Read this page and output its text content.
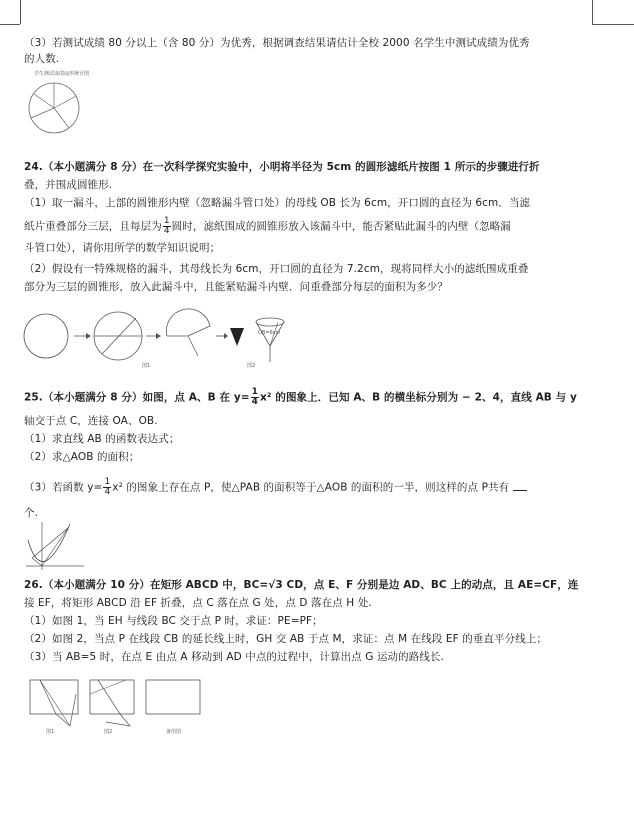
（3）若测试成绩 80 分以上（含 80 分）为优秀，根据调查结果请估计全校 2000 名学生中测试成绩为优秀
的人数.
学生测试成绩扇形统计图
24.（本小题满分 8 分）在一次科学探究实验中，小明将半径为 5cm 的圆形滤纸片按图 1 所示的步骤进行折
叠，并围成圆锥形.
（1）取一漏斗，上部的圆锥形内壁（忽略漏斗管口处）的母线 OB 长为 6cm，开口圆的直径为 6cm．当滤
纸片重叠部分三层，且每层为 $\frac{1}{4}$ 圆时，滤纸围成的圆锥形放入该漏斗中，能否紧贴此漏斗的内壁（忽略漏
斗管口处），请你用所学的数学知识说明；
（2）假设有一特殊规格的漏斗，其母线长为 6cm，开口圆的直径为 7.2cm，现将同样大小的滤纸围成重叠
部分为三层的圆锥形，放入此漏斗中，且能紧贴漏斗内壁．问重叠部分每层的面积为多少？
图1	图2
OB=6cm
25.（本小题满分 8 分）如图，点 A、B 在 $y= \frac{1}{4} x^2$ 的图象上．已知 A、B 的横坐标分别为 − 2、4，直线 AB 与 y
轴交于点 C，连接 OA、OB.
（1）求直线 AB 的函数表达式；
（2）求△AOB 的面积；
（3）若函数 $y= \frac{1}{4} x^2$ 的图象上存在点 P，使△PAB 的面积等于△AOB 的面积的一半，则这样的点 P共有
个.
26.（本小题满分 10 分）在矩形 ABCD 中，BC=√3 CD，点 E、F 分别是边 AD、BC 上的动点，且 AE=CF，连
接 EF，将矩形 ABCD 沿 EF 折叠，点 C 落在点 G 处，点 D 落在点 H 处.
（1）如图 1，当 EH 与线段 BC 交于点 P 时，求证：PE=PF；
（2）如图 2，当点 P 在线段 CB 的延长线上时，GH 交 AB 于点 M，求证：点 M 在线段 EF 的垂直平分线上；
（3）当 AB=5 时，在点 E 由点 A 移动到 AD 中点的过程中，计算出点 G 运动的路线长.
图1	图2	备用图
